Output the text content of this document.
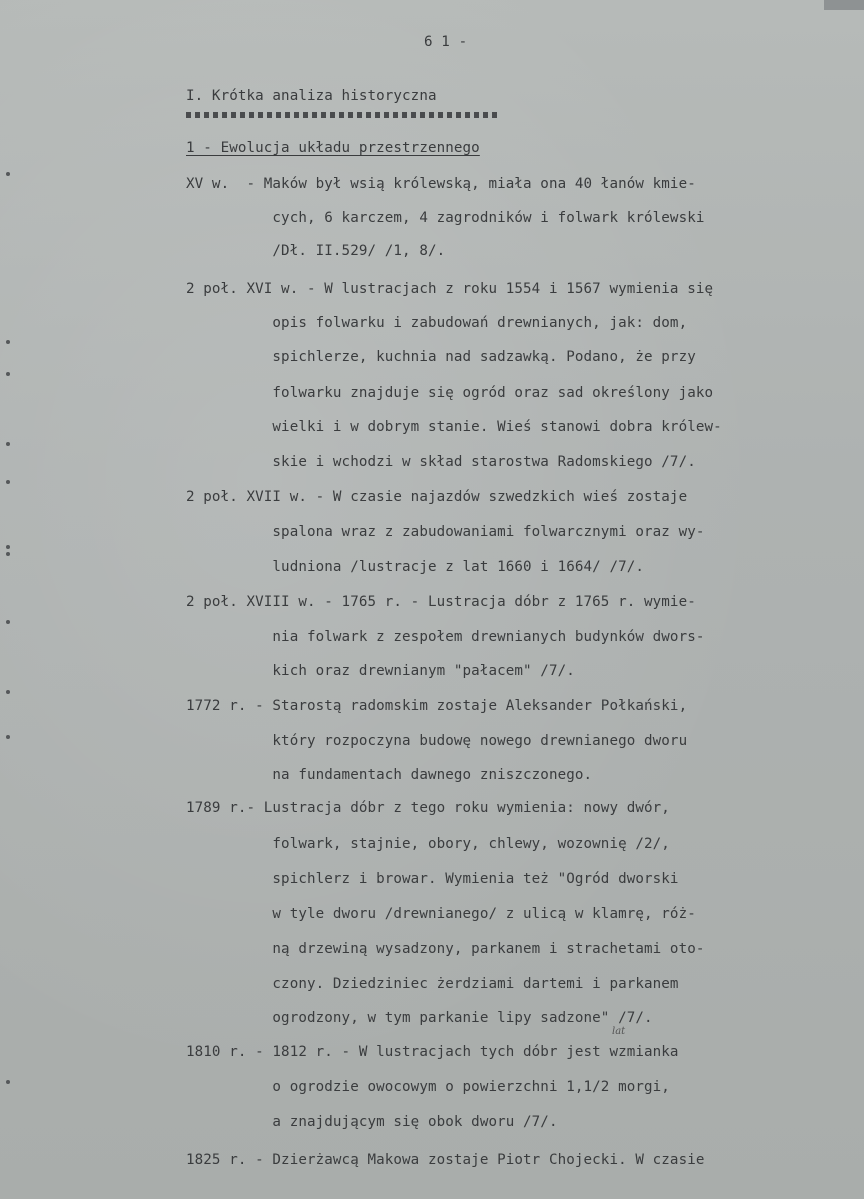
6 1 -
I. Krótka analiza historyczna
1 - Ewolucja układu przestrzennego
lat
XV w.  - Maków był wsią królewską, miała ona 40 łanów kmie-
cych, 6 karczem, 4 zagrodników i folwark królewski
/Dł. II.529/ /1, 8/.
2 poł. XVI w. - W lustracjach z roku 1554 i 1567 wymienia się
opis folwarku i zabudowań drewnianych, jak: dom,
spichlerze, kuchnia nad sadzawką. Podano, że przy
folwarku znajduje się ogród oraz sad określony jako
wielki i w dobrym stanie. Wieś stanowi dobra królew-
skie i wchodzi w skład starostwa Radomskiego /7/.
2 poł. XVII w. - W czasie najazdów szwedzkich wieś zostaje
spalona wraz z zabudowaniami folwarcznymi oraz wy-
ludniona /lustracje z lat 1660 i 1664/ /7/.
2 poł. XVIII w. - 1765 r. - Lustracja dóbr z 1765 r. wymie-
nia folwark z zespołem drewnianych budynków dwors-
kich oraz drewnianym "pałacem" /7/.
1772 r. - Starostą radomskim zostaje Aleksander Połkański,
który rozpoczyna budowę nowego drewnianego dworu
na fundamentach dawnego zniszczonego.
1789 r.- Lustracja dóbr z tego roku wymienia: nowy dwór,
folwark, stajnie, obory, chlewy, wozownię /2/,
spichlerz i browar. Wymienia też "Ogród dworski
w tyle dworu /drewnianego/ z ulicą w klamrę, róż-
ną drzewiną wysadzony, parkanem i strachetami oto-
czony. Dziedziniec żerdziami dartemi i parkanem
ogrodzony, w tym parkanie lipy sadzone" /7/.
1810 r. - 1812 r. - W lustracjach tych dóbr jest wzmianka
o ogrodzie owocowym o powierzchni 1,1/2 morgi,
a znajdującym się obok dworu /7/.
1825 r. - Dzierżawcą Makowa zostaje Piotr Chojecki. W czasie
